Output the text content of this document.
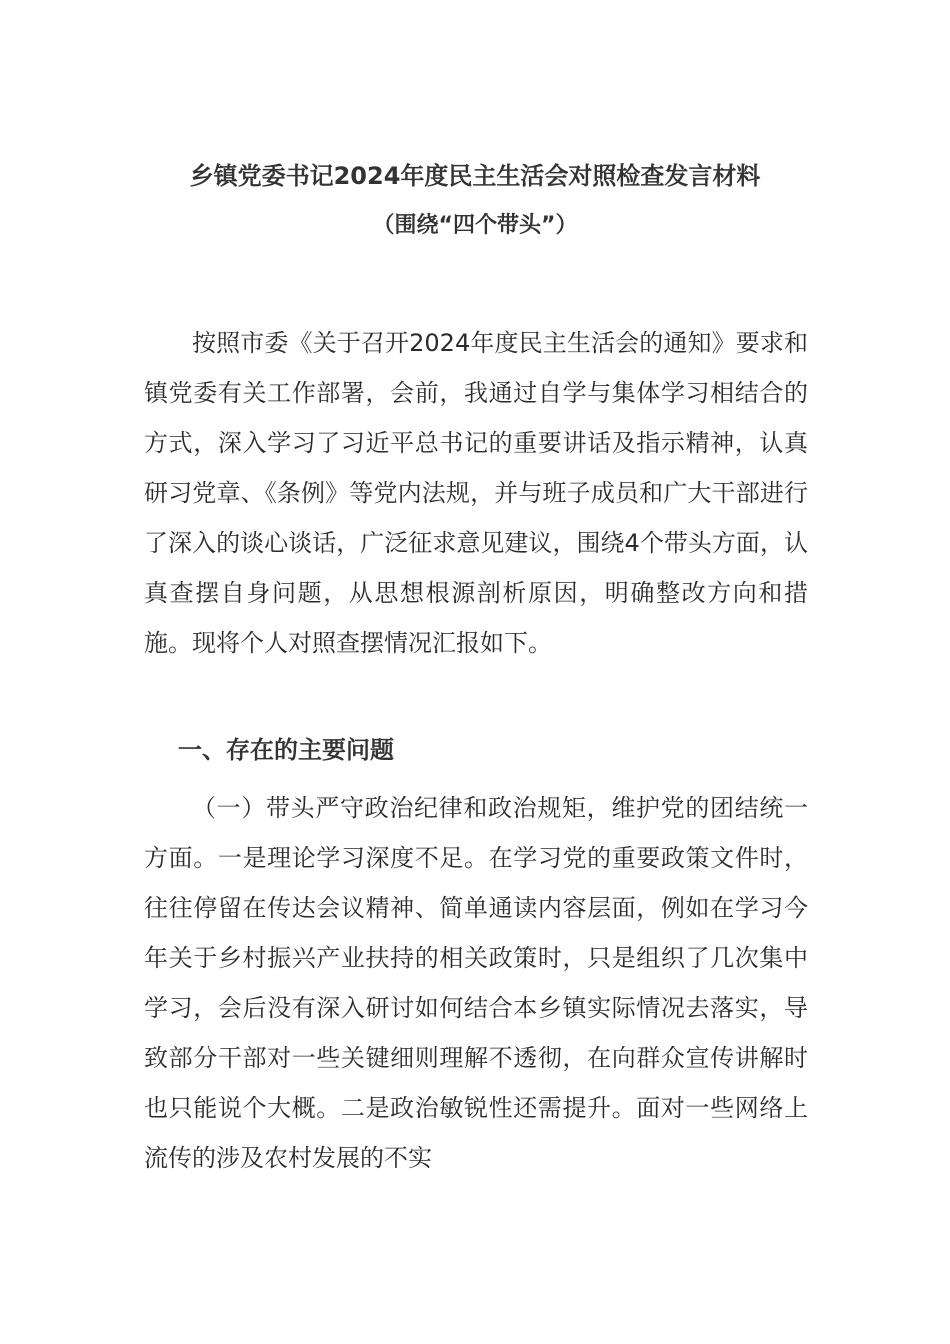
乡镇党委书记2024年度民主生活会对照检查发言材料
（围绕“四个带头”）

按照市委《关于召开2024年度民主生活会的通知》要求和镇党委有关工作部署，会前，我通过自学与集体学习相结合的方式，深入学习了习近平总书记的重要讲话及指示精神，认真研习党章、《条例》等党内法规，并与班子成员和广大干部进行了深入的谈心谈话，广泛征求意见建议，围绕4个带头方面，认真查摆自身问题，从思想根源剖析原因，明确整改方向和措施。现将个人对照查摆情况汇报如下。

一、存在的主要问题

（一）带头严守政治纪律和政治规矩，维护党的团结统一方面。一是理论学习深度不足。在学习党的重要政策文件时，往往停留在传达会议精神、简单通读内容层面，例如在学习今年关于乡村振兴产业扶持的相关政策时，只是组织了几次集中学习，会后没有深入研讨如何结合本乡镇实际情况去落实，导致部分干部对一些关键细则理解不透彻，在向群众宣传讲解时也只能说个大概。二是政治敏锐性还需提升。面对一些网络上流传的涉及农村发展的不实
